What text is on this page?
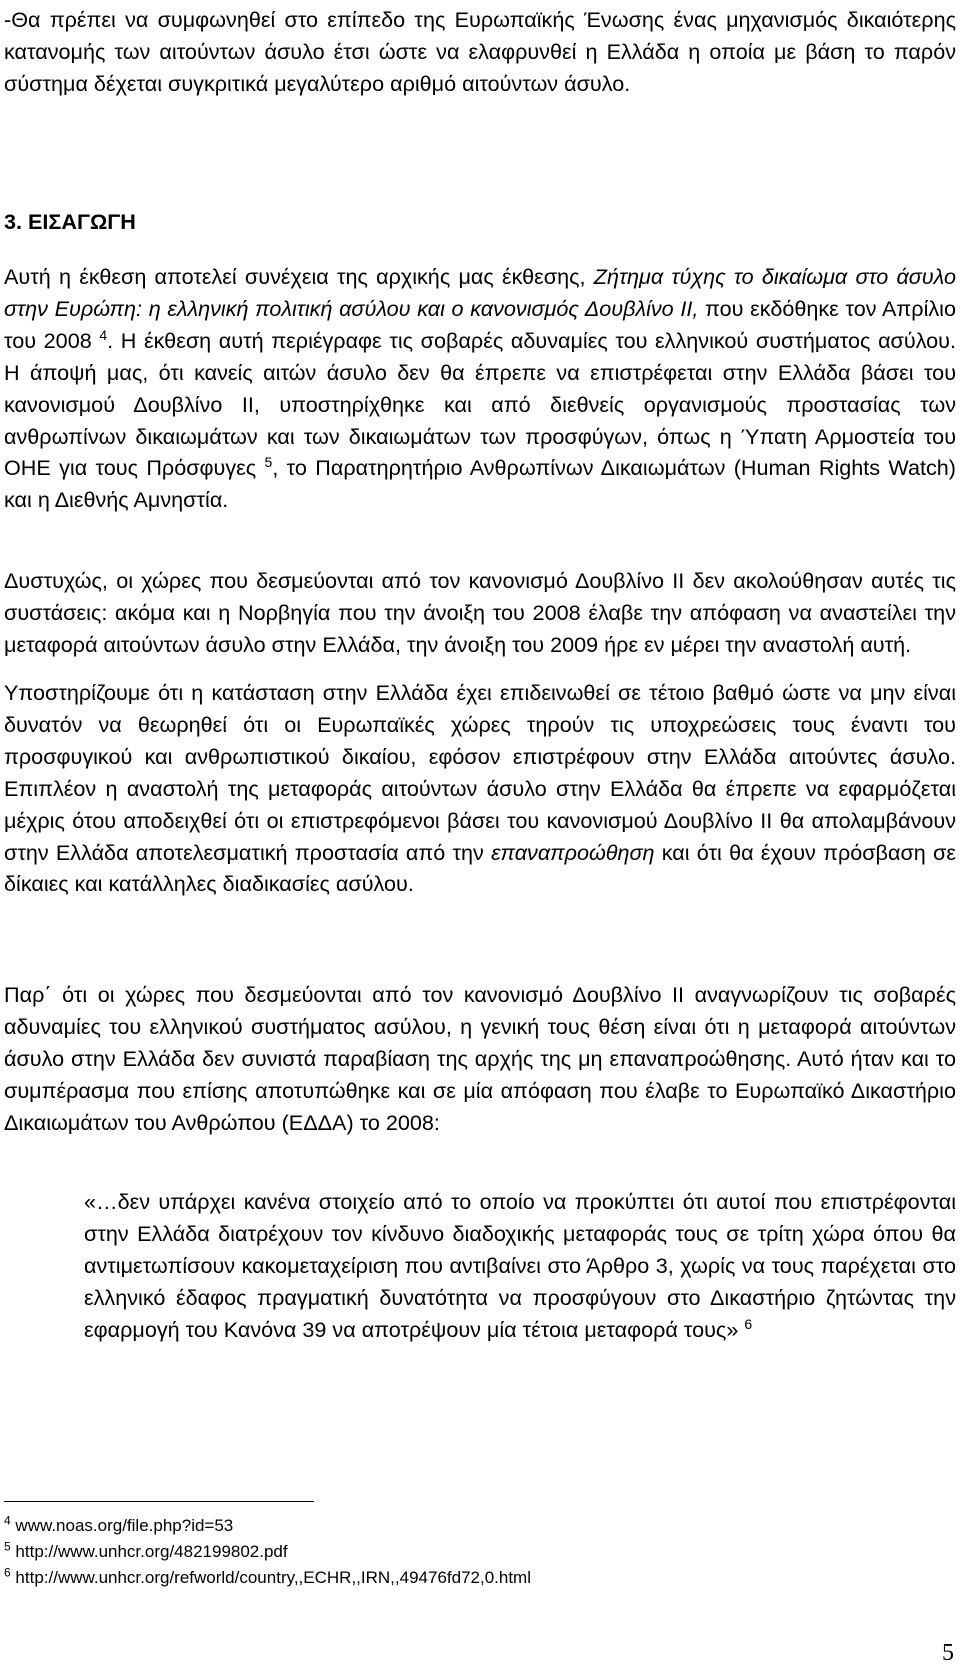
-Θα πρέπει να συμφωνηθεί στο επίπεδο της Ευρωπαϊκής Ένωσης ένας μηχανισμός δικαιότερης κατανομής των αιτούντων άσυλο έτσι ώστε να ελαφρυνθεί η Ελλάδα η οποία με βάση το παρόν σύστημα δέχεται συγκριτικά μεγαλύτερο αριθμό αιτούντων άσυλο.

3. ΕΙΣΑΓΩΓΗ

Αυτή η έκθεση αποτελεί συνέχεια της αρχικής μας έκθεσης, Ζήτημα τύχης το δικαίωμα στο άσυλο στην Ευρώπη: η ελληνική πολιτική ασύλου και ο κανονισμός Δουβλίνο ΙΙ, που εκδόθηκε τον Απρίλιο του 2008 $^4$. Η έκθεση αυτή περιέγραφε τις σοβαρές αδυναμίες του ελληνικού συστήματος ασύλου. Η άποψή μας, ότι κανείς αιτών άσυλο δεν θα έπρεπε να επιστρέφεται στην Ελλάδα βάσει του κανονισμού Δουβλίνο ΙΙ, υποστηρίχθηκε και από διεθνείς οργανισμούς προστασίας των ανθρωπίνων δικαιωμάτων και των δικαιωμάτων των προσφύγων, όπως η Ύπατη Αρμοστεία του ΟΗΕ για τους Πρόσφυγες $^5$, το Παρατηρητήριο Ανθρωπίνων Δικαιωμάτων (Human Rights Watch) και η Διεθνής Αμνηστία.

Δυστυχώς, οι χώρες που δεσμεύονται από τον κανονισμό Δουβλίνο ΙΙ δεν ακολούθησαν αυτές τις συστάσεις: ακόμα και η Νορβηγία που την άνοιξη του 2008 έλαβε την απόφαση να αναστείλει την μεταφορά αιτούντων άσυλο στην Ελλάδα, την άνοιξη του 2009 ήρε εν μέρει την αναστολή αυτή.

Υποστηρίζουμε ότι η κατάσταση στην Ελλάδα έχει επιδεινωθεί σε τέτοιο βαθμό ώστε να μην είναι δυνατόν να θεωρηθεί ότι οι Ευρωπαϊκές χώρες τηρούν τις υποχρεώσεις τους έναντι του προσφυγικού και ανθρωπιστικού δικαίου, εφόσον επιστρέφουν στην Ελλάδα αιτούντες άσυλο. Επιπλέον η αναστολή της μεταφοράς αιτούντων άσυλο στην Ελλάδα θα έπρεπε να εφαρμόζεται μέχρις ότου αποδειχθεί ότι οι επιστρεφόμενοι βάσει του κανονισμού Δουβλίνο ΙΙ θα απολαμβάνουν στην Ελλάδα αποτελεσματική προστασία από την επαναπροώθηση και ότι θα έχουν πρόσβαση σε δίκαιες και κατάλληλες διαδικασίες ασύλου.

Παρ΄ ότι οι χώρες που δεσμεύονται από τον κανονισμό Δουβλίνο ΙΙ αναγνωρίζουν τις σοβαρές αδυναμίες του ελληνικού συστήματος ασύλου, η γενική τους θέση είναι ότι η μεταφορά αιτούντων άσυλο στην Ελλάδα δεν συνιστά παραβίαση της αρχής της μη επαναπροώθησης. Αυτό ήταν και το συμπέρασμα που επίσης αποτυπώθηκε και σε μία απόφαση που έλαβε το Ευρωπαϊκό Δικαστήριο Δικαιωμάτων του Ανθρώπου (ΕΔΔΑ) το 2008:

«…δεν υπάρχει κανένα στοιχείο από το οποίο να προκύπτει ότι αυτοί που επιστρέφονται στην Ελλάδα διατρέχουν τον κίνδυνο διαδοχικής μεταφοράς τους σε τρίτη χώρα όπου θα αντιμετωπίσουν κακομεταχείριση που αντιβαίνει στο Άρθρο 3, χωρίς να τους παρέχεται στο ελληνικό έδαφος πραγματική δυνατότητα να προσφύγουν στο Δικαστήριο ζητώντας την εφαρμογή του Κανόνα 39 να αποτρέψουν μία τέτοια μεταφορά τους» $^6$

$^4$ www.noas.org/file.php?id=53
$^5$ http://www.unhcr.org/482199802.pdf
$^6$ http://www.unhcr.org/refworld/country,,ECHR,,IRN,,49476fd72,0.html
5
